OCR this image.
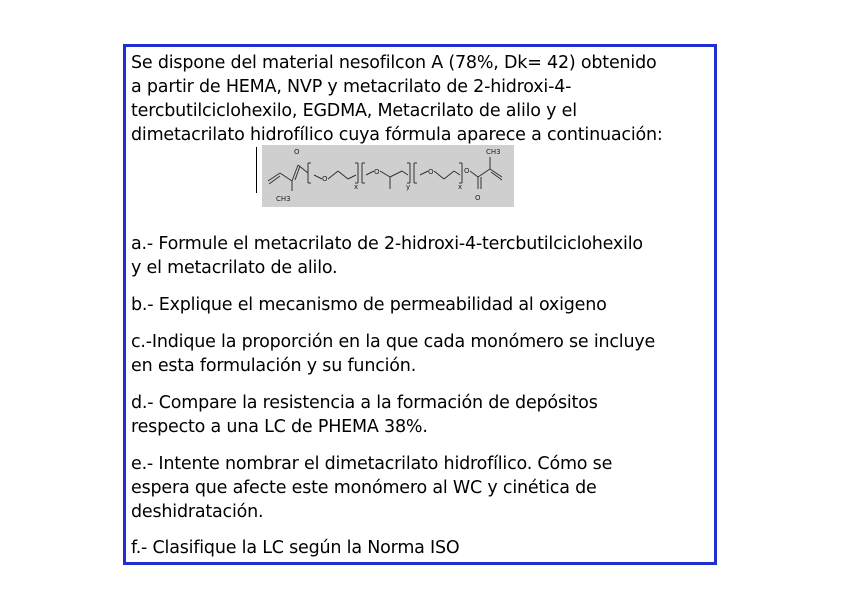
Se dispone del material nesofilcon A (78%, Dk= 42) obtenido
a partir de HEMA, NVP y metacrilato de 2-hidroxi-4-
tercbutilciclohexilo, EGDMA, Metacrilato de alilo y el
dimetacrilato hidrofílico cuya fórmula aparece a continuación:
O
CH3
CH3
O
x	y	x
O
O	O	O
a.- Formule el metacrilato de 2-hidroxi-4-tercbutilciclohexilo
y el metacrilato de alilo.
b.- Explique el mecanismo de permeabilidad al oxigeno
c.-Indique la proporción en la que cada monómero se incluye
en esta formulación y su función.
d.- Compare la resistencia a la formación de depósitos
respecto a una LC de PHEMA 38%.
e.- Intente nombrar el dimetacrilato hidrofílico. Cómo se
espera que afecte este monómero al WC y cinética de
deshidratación.
f.- Clasifique la LC según la Norma ISO
